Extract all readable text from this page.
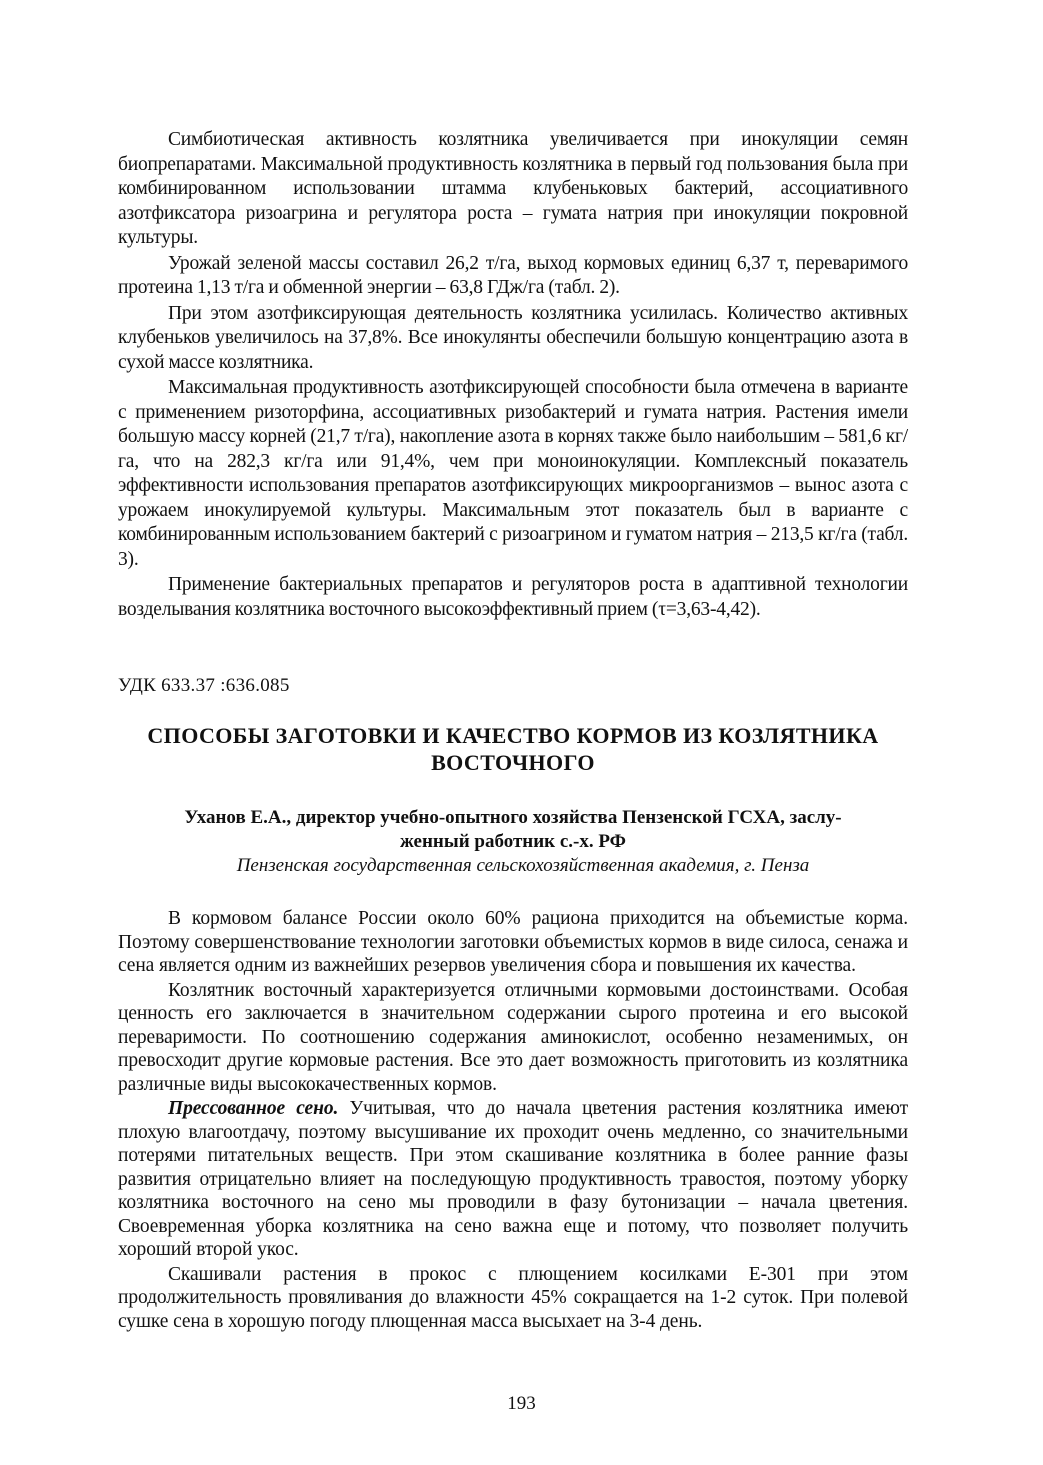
Симбиотическая активность козлятника увеличивается при инокуляции семян биопрепаратами. Максимальной продуктивность козлятника в первый год пользования была при комбинированном использовании штамма клубеньковых бактерий, ассоциативного азотфиксатора ризоагрина и регулятора роста – гумата натрия при инокуляции покровной культуры.

Урожай зеленой массы составил 26,2 т/га, выход кормовых единиц 6,37 т, переваримого протеина 1,13 т/га и обменной энергии – 63,8 ГДж/га (табл. 2).

При этом азотфиксирующая деятельность козлятника усилилась. Количество активных клубеньков увеличилось на 37,8%. Все инокулянты обеспечили большую концентрацию азота в сухой массе козлятника.

Максимальная продуктивность азотфиксирующей способности была отмечена в варианте с применением ризоторфина, ассоциативных ризобактерий и гумата натрия. Растения имели большую массу корней (21,7 т/га), накопление азота в корнях также было наибольшим – 581,6 кг/га, что на 282,3 кг/га или 91,4%, чем при моноинокуляции. Комплексный показатель эффективности использования препаратов азотфиксирующих микроорганизмов – вынос азота с урожаем инокулируемой культуры. Максимальным этот показатель был в варианте с комбинированным использованием бактерий с ризоагрином и гуматом натрия – 213,5 кг/га (табл. 3).

Применение бактериальных препаратов и регуляторов роста в адаптивной технологии возделывания козлятника восточного высокоэффективный прием (τ=3,63-4,42).

УДК 633.37 :636.085
СПОСОБЫ ЗАГОТОВКИ И КАЧЕСТВО КОРМОВ ИЗ КОЗЛЯТНИКА
ВОСТОЧНОГО
Уханов Е.А., директор учебно-опытного хозяйства Пензенской ГСХА, заслу-
женный работник с.-х. РФ
Пензенская государственная сельскохозяйственная академия, г. Пенза

В кормовом балансе России около 60% рациона приходится на объемистые корма. Поэтому совершенствование технологии заготовки объемистых кормов в виде силоса, сенажа и сена является одним из важнейших резервов увеличения сбора и повышения их качества.

Козлятник восточный характеризуется отличными кормовыми достоинствами. Особая ценность его заключается в значительном содержании сырого протеина и его высокой переваримости. По соотношению содержания аминокислот, особенно незаменимых, он превосходит другие кормовые растения. Все это дает возможность приготовить из козлятника различные виды высококачественных кормов.

Прессованное сено. Учитывая, что до начала цветения растения козлятника имеют плохую влагоотдачу, поэтому высушивание их проходит очень медленно, со значительными потерями питательных веществ. При этом скашивание козлятника в более ранние фазы развития отрицательно влияет на последующую продуктивность травостоя, поэтому уборку козлятника восточного на сено мы проводили в фазу бутонизации – начала цветения. Своевременная уборка козлятника на сено важна еще и потому, что позволяет получить хороший второй укос.

Скашивали растения в прокос с плющением косилками Е-301 при этом продолжительность провяливания до влажности 45% сокращается на 1-2 суток. При полевой сушке сена в хорошую погоду плющенная масса высыхает на 3-4 день.

193
